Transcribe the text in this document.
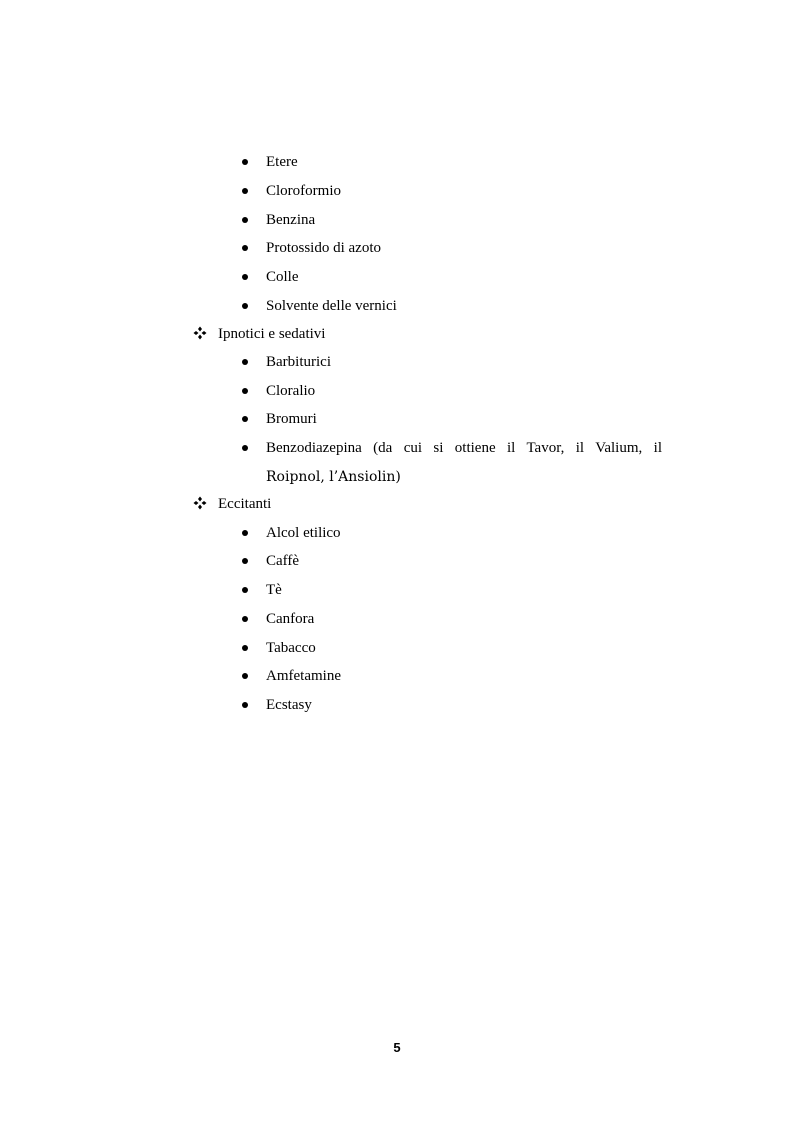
Etere
Cloroformio
Benzina
Protossido di azoto
Colle
Solvente delle vernici
Ipnotici e sedativi
Barbiturici
Cloralio
Bromuri
Benzodiazepina (da cui si ottiene il Tavor, il Valium, il
Roipnol, l’Ansiolin)
Eccitanti
Alcol etilico
Caffè
Tè
Canfora
Tabacco
Amfetamine
Ecstasy
5
